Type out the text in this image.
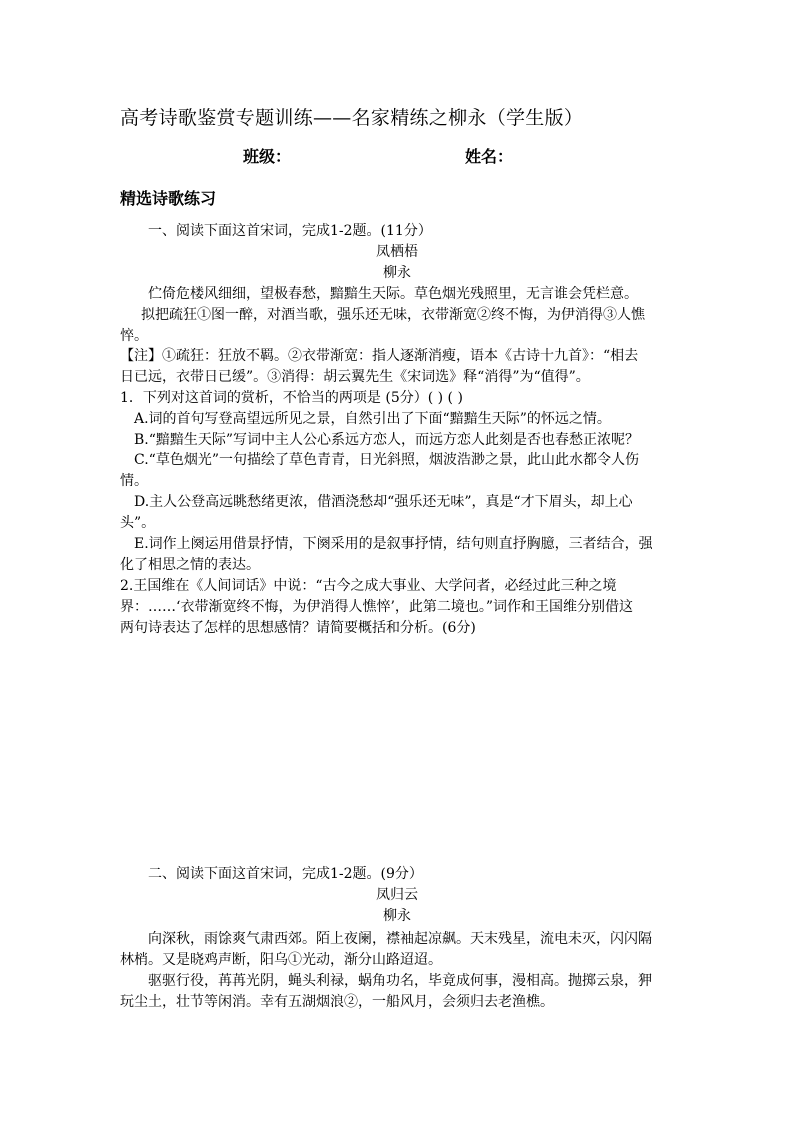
高考诗歌鉴赏专题训练——名家精练之柳永（学生版）
班级：	姓名：
精选诗歌练习
一、阅读下面这首宋词，完成1-2题。(11分）
凤栖梧
柳永
伫倚危楼风细细，望极春愁，黯黯生天际。草色烟光残照里，无言谁会凭栏意。
拟把疏狂①图一醉，对酒当歌，强乐还无味，衣带渐宽②终不悔，为伊消得③人憔
悴。
【注】①疏狂：狂放不羁。②衣带渐宽：指人逐渐消瘦，语本《古诗十九首》：“相去
日已远，衣带日已缓”。③消得：胡云翼先生《宋词选》释“消得”为“值得”。
1．下列对这首词的赏析，不恰当的两项是 (5分）( ) ( )
A.词的首句写登高望远所见之景，自然引出了下面“黯黯生天际”的怀远之情。
B.“黯黯生天际”写词中主人公心系远方恋人，而远方恋人此刻是否也春愁正浓呢？
C.“草色烟光”一句描绘了草色青青，日光斜照，烟波浩渺之景，此山此水都令人伤
情。
D.主人公登高远眺愁绪更浓，借酒浇愁却“强乐还无味”，真是“才下眉头，却上心
头”。
E.词作上阕运用借景抒情，下阕采用的是叙事抒情，结句则直抒胸臆，三者结合，强
化了相思之情的表达。
2.王国维在《人间词话》中说：“古今之成大事业、大学问者，必经过此三种之境
界：……‘衣带渐宽终不悔，为伊消得人憔悴’，此第二境也。”词作和王国维分别借这
两句诗表达了怎样的思想感情？请简要概括和分析。(6分)
二、阅读下面这首宋词，完成1-2题。(9分）
凤归云
柳永
向深秋，雨馀爽气肃西郊。陌上夜阑，襟袖起凉飙。天末残星，流电未灭，闪闪隔
林梢。又是晓鸡声断，阳乌①光动，渐分山路迢迢。
驱驱行役，苒苒光阴，蝇头利禄，蜗角功名，毕竟成何事，漫相高。抛掷云泉，狎
玩尘土，壮节等闲消。幸有五湖烟浪②，一船风月，会须归去老渔樵。
